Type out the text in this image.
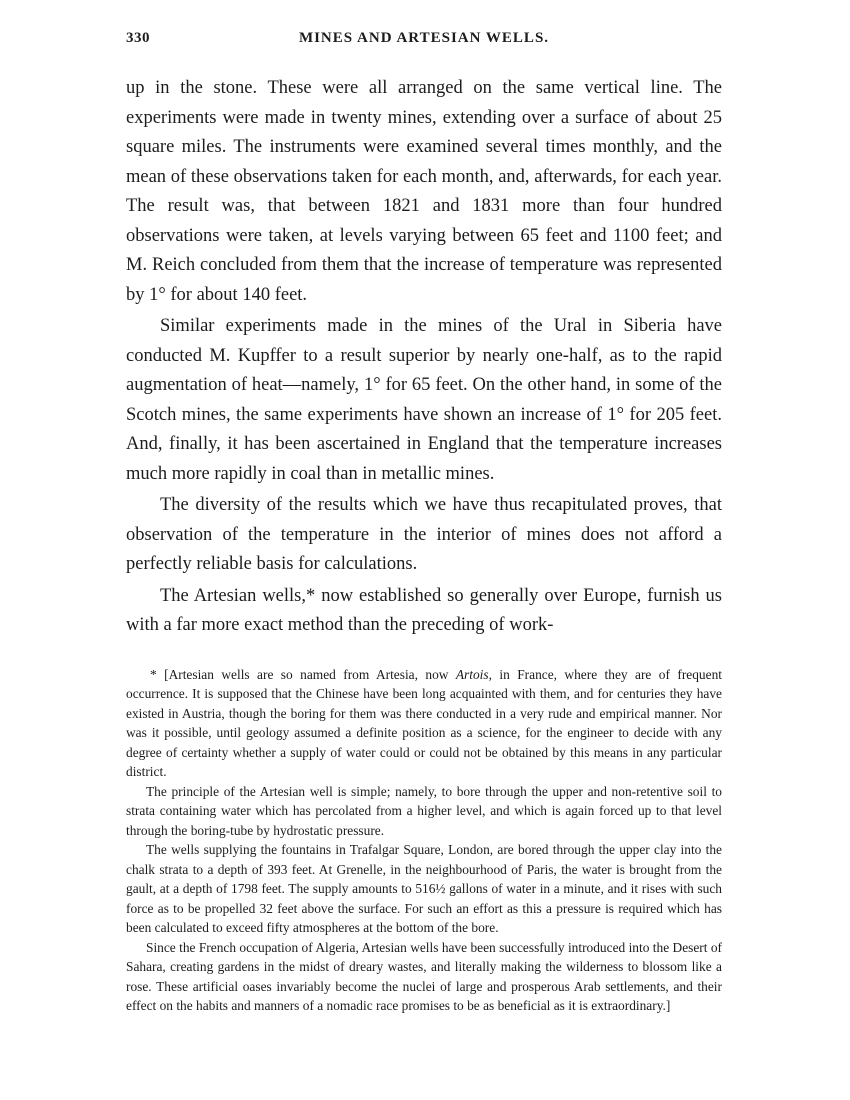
330	MINES AND ARTESIAN WELLS.

up in the stone. These were all arranged on the same vertical line. The experiments were made in twenty mines, extending over a surface of about 25 square miles. The instruments were examined several times monthly, and the mean of these observations taken for each month, and, afterwards, for each year. The result was, that between 1821 and 1831 more than four hundred observations were taken, at levels varying between 65 feet and 1100 feet; and M. Reich concluded from them that the increase of temperature was represented by 1° for about 140 feet.

Similar experiments made in the mines of the Ural in Siberia have conducted M. Kupffer to a result superior by nearly one-half, as to the rapid augmentation of heat—namely, 1° for 65 feet. On the other hand, in some of the Scotch mines, the same experiments have shown an increase of 1° for 205 feet. And, finally, it has been ascertained in England that the temperature increases much more rapidly in coal than in metallic mines.

The diversity of the results which we have thus recapitulated proves, that observation of the temperature in the interior of mines does not afford a perfectly reliable basis for calculations.

The Artesian wells,* now established so generally over Europe, furnish us with a far more exact method than the preceding of work-

* [Artesian wells are so named from Artesia, now Artois, in France, where they are of frequent occurrence. It is supposed that the Chinese have been long acquainted with them, and for centuries they have existed in Austria, though the boring for them was there conducted in a very rude and empirical manner. Nor was it possible, until geology assumed a definite position as a science, for the engineer to decide with any degree of certainty whether a supply of water could or could not be obtained by this means in any particular district.

The principle of the Artesian well is simple; namely, to bore through the upper and non-retentive soil to strata containing water which has percolated from a higher level, and which is again forced up to that level through the boring-tube by hydrostatic pressure.

The wells supplying the fountains in Trafalgar Square, London, are bored through the upper clay into the chalk strata to a depth of 393 feet. At Grenelle, in the neighbourhood of Paris, the water is brought from the gault, at a depth of 1798 feet. The supply amounts to 516½ gallons of water in a minute, and it rises with such force as to be propelled 32 feet above the surface. For such an effort as this a pressure is required which has been calculated to exceed fifty atmospheres at the bottom of the bore.

Since the French occupation of Algeria, Artesian wells have been successfully introduced into the Desert of Sahara, creating gardens in the midst of dreary wastes, and literally making the wilderness to blossom like a rose. These artificial oases invariably become the nuclei of large and prosperous Arab settlements, and their effect on the habits and manners of a nomadic race promises to be as beneficial as it is extraordinary.]
